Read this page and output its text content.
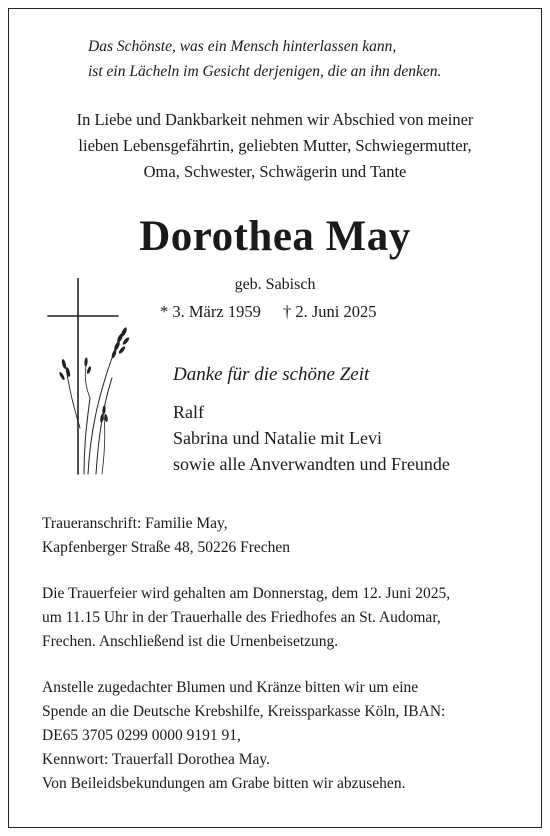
Das Schönste, was ein Mensch hinterlassen kann,
ist ein Lächeln im Gesicht derjenigen, die an ihn denken.
In Liebe und Dankbarkeit nehmen wir Abschied von meiner
lieben Lebensgefährtin, geliebten Mutter, Schwiegermutter,
Oma, Schwester, Schwägerin und Tante
Dorothea May
geb. Sabisch
* 3. März 1959 † 2. Juni 2025
Danke für die schöne Zeit
Ralf
Sabrina und Natalie mit Levi
sowie alle Anverwandten und Freunde
Traueranschrift: Familie May,
Kapfenberger Straße 48, 50226 Frechen
Die Trauerfeier wird gehalten am Donnerstag, dem 12. Juni 2025,
um 11.15 Uhr in der Trauerhalle des Friedhofes an St. Audomar,
Frechen. Anschließend ist die Urnenbeisetzung.
Anstelle zugedachter Blumen und Kränze bitten wir um eine
Spende an die Deutsche Krebshilfe, Kreissparkasse Köln, IBAN:
DE65 3705 0299 0000 9191 91,
Kennwort: Trauerfall Dorothea May.
Von Beileidsbekundungen am Grabe bitten wir abzusehen.
